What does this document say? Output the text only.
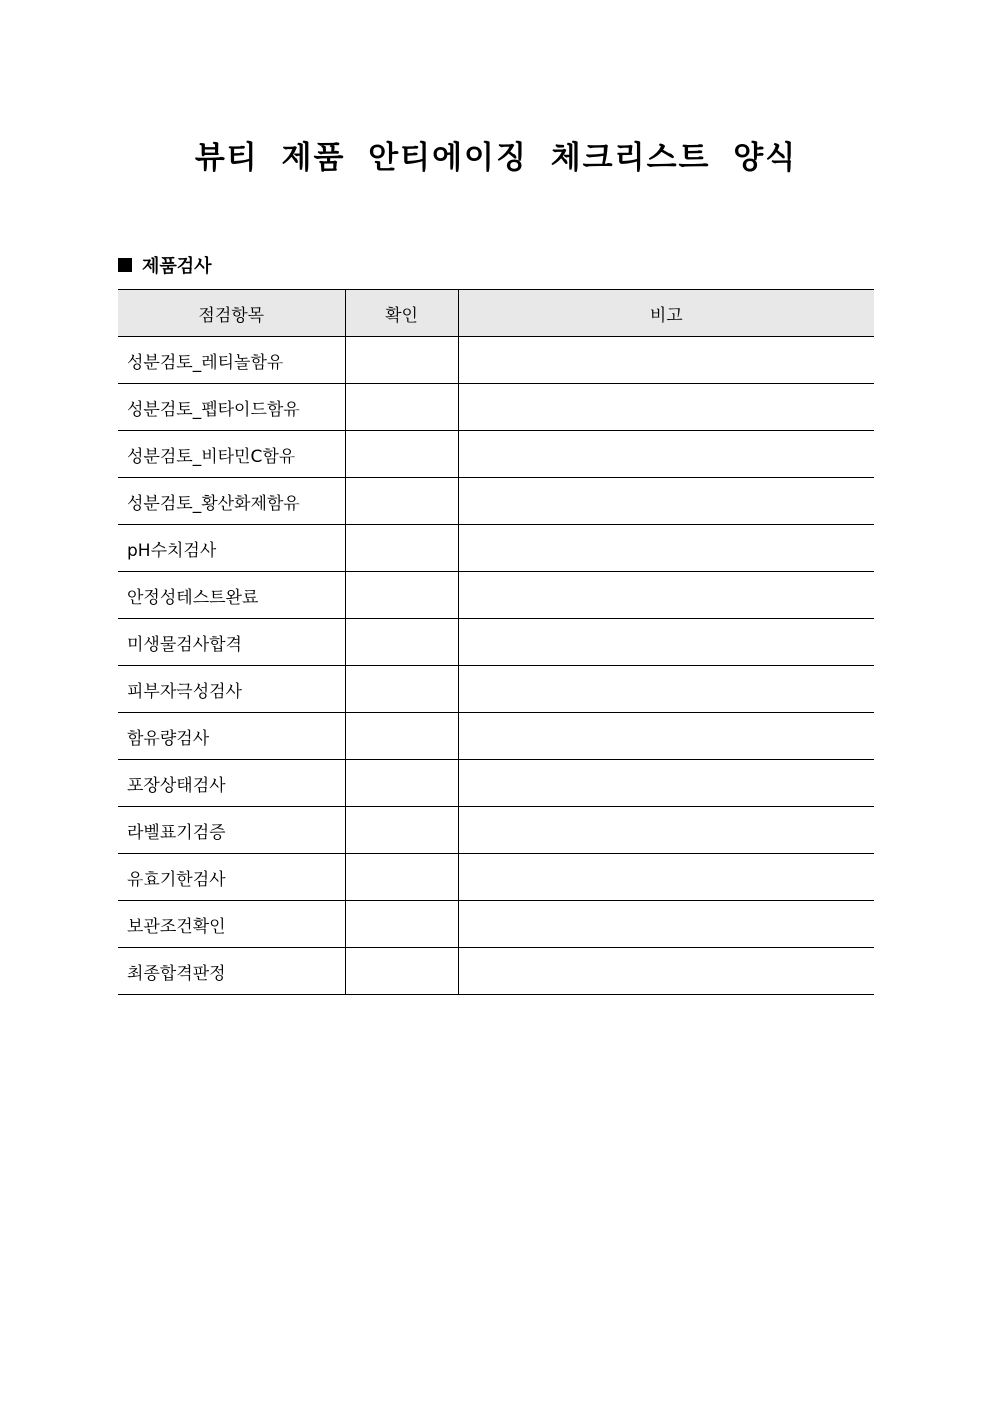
뷰티 제품 안티에이징 체크리스트 양식
제품검사
점검항목	확인	비고
성분검토_레티놀함유		
성분검토_펩타이드함유		
성분검토_비타민C함유		
성분검토_황산화제함유		
pH수치검사		
안정성테스트완료		
미생물검사합격		
피부자극성검사		
함유량검사		
포장상태검사		
라벨표기검증		
유효기한검사		
보관조건확인		
최종합격판정		
